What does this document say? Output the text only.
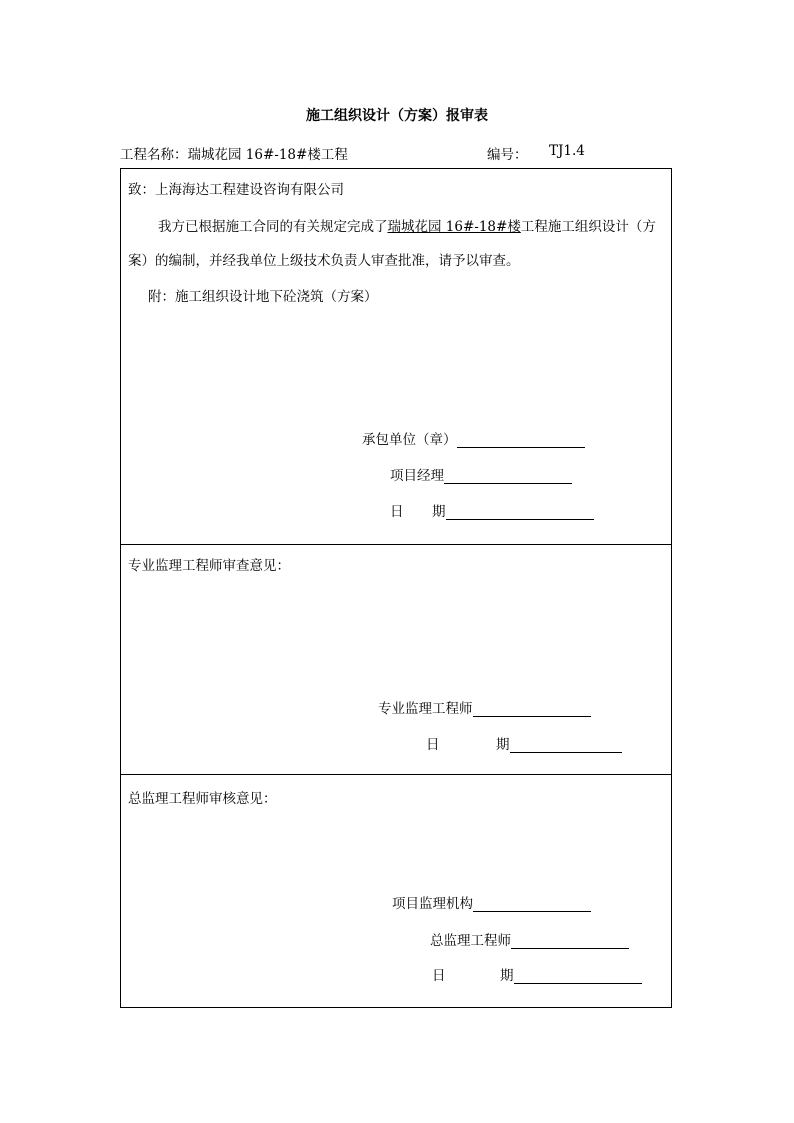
施工组织设计（方案）报审表
工程名称：瑞城花园 16#-18#楼工程	编号： TJ1.4
致：上海海达工程建设咨询有限公司
我方已根据施工合同的有关规定完成了瑞城花园 16#-18#楼工程施工组织设计（方
案）的编制，并经我单位上级技术负责人审查批准，请予以审查。
附：施工组织设计地下砼浇筑（方案）
承包单位（章）
项目经理
日 期
专业监理工程师审查意见：
专业监理工程师
日	期
总监理工程师审核意见：
项目监理机构
总监理工程师
日	期
